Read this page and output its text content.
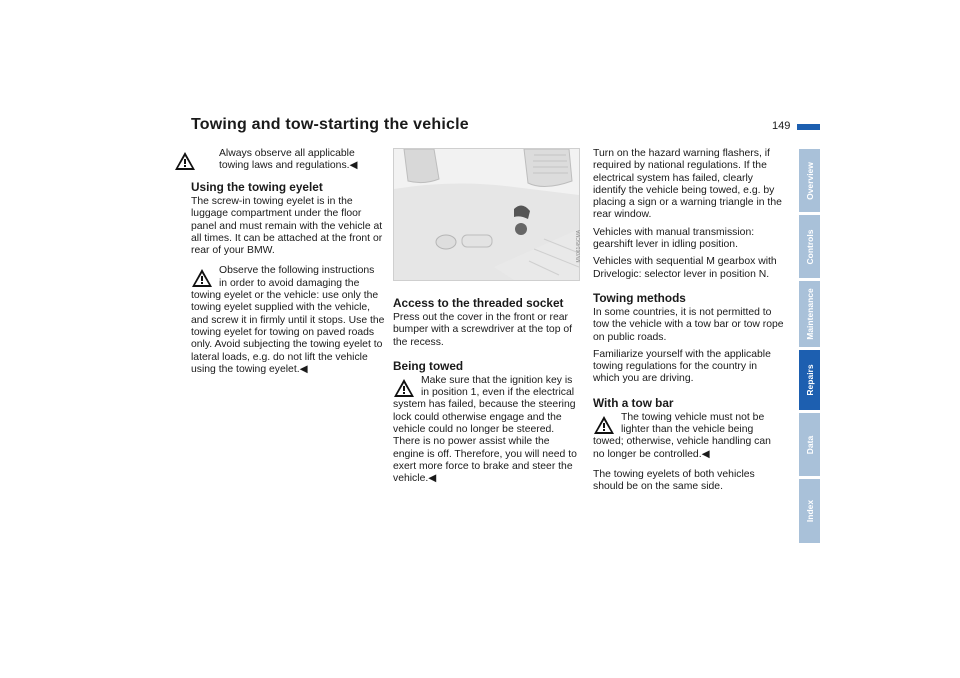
Towing and tow-starting the vehicle	149
Always observe all applicable towing laws and regulations.◀
Using the towing eyelet

The screw-in towing eyelet is in the luggage compartment under the floor panel and must remain with the vehicle at all times. It can be attached at the front or rear of your BMW.

Observe the following instructions in order to avoid damaging the towing eyelet or the vehicle: use only the towing eyelet supplied with the vehicle, and screw it in firmly until it stops. Use the towing eyelet for towing on paved roads only. Avoid subjecting the towing eyelet to lateral loads, e.g. do not lift the vehicle using the towing eyelet.◀
MV06145CMA
Access to the threaded socket

Press out the cover in the front or rear bumper with a screwdriver at the top of the recess.

Being towed
Make sure that the ignition key is in position 1, even if the electrical system has failed, because the steering lock could otherwise engage and the vehicle could no longer be steered. There is no power assist while the engine is off. Therefore, you will need to exert more force to brake and steer the vehicle.◀

Turn on the hazard warning flashers, if required by national regulations. If the electrical system has failed, clearly identify the vehicle being towed, e.g. by placing a sign or a warning triangle in the rear window.

Vehicles with manual transmission: gearshift lever in idling position.

Vehicles with sequential M gearbox with Drivelogic: selector lever in position N.

Towing methods

In some countries, it is not permitted to tow the vehicle with a tow bar or tow rope on public roads.

Familiarize yourself with the applicable towing regulations for the country in which you are driving.

With a tow bar
The towing vehicle must not be lighter than the vehicle being towed; otherwise, vehicle handling can no longer be controlled.◀

The towing eyelets of both vehicles should be on the same side.

Overview
Controls
Maintenance
Repairs
Data
Index
